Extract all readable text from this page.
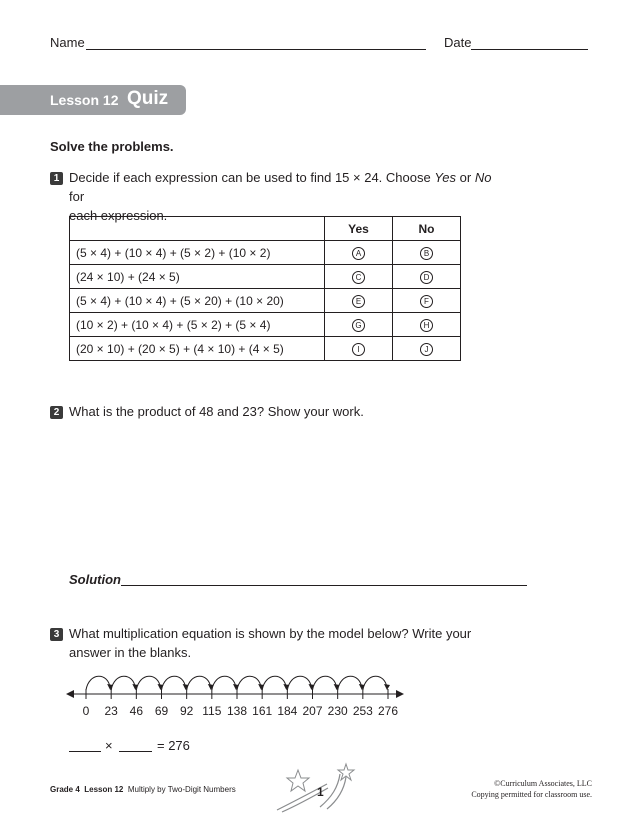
Name	Date
Lesson 12 Quiz
Solve the problems.
1 Decide if each expression can be used to find 15 × 24. Choose Yes or No for
each expression.
	Yes	No
(5 × 4) + (10 × 4) + (5 × 2) + (10 × 2)	A	B
(24 × 10) + (24 × 5)	C	D
(5 × 4) + (10 × 4) + (5 × 20) + (10 × 20)	E	F
(10 × 2) + (10 × 4) + (5 × 2) + (5 × 4)	G	H
(20 × 10) + (20 × 5) + (4 × 10) + (4 × 5)	I	J
2 What is the product of 48 and 23? Show your work.
Solution
3 What multiplication equation is shown by the model below? Write your
answer in the blanks.
0 23 46 69 92 115 138 161 184 207 230 253 276
×	= 276
Grade 4 Lesson 12 Multiply by Two-Digit Numbers	1
©Curriculum Associates, LLC
Copying permitted for classroom use.
